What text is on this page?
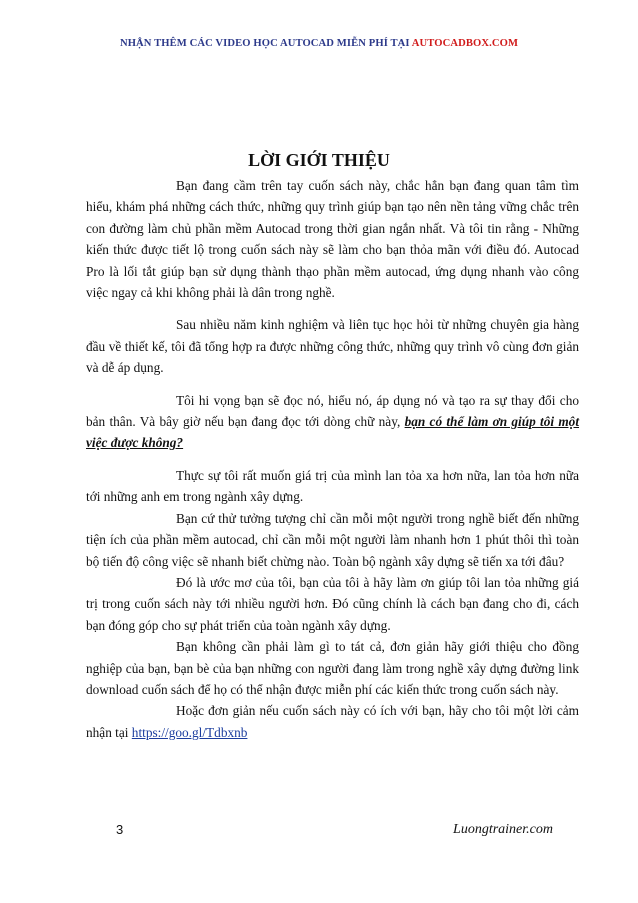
NHẬN THÊM CÁC VIDEO HỌC AUTOCAD MIỄN PHÍ TẠI AUTOCADBOX.COM
LỜI GIỚI THIỆU

Bạn đang cầm trên tay cuốn sách này, chắc hẳn bạn đang quan tâm tìm hiểu, khám phá những cách thức, những quy trình giúp bạn tạo nên nền tảng vững chắc trên con đường làm chủ phần mềm Autocad trong thời gian ngắn nhất. Và tôi tin rằng - Những kiến thức được tiết lộ trong cuốn sách này sẽ làm cho bạn thỏa mãn với điều đó. Autocad Pro là lối tắt giúp bạn sử dụng thành thạo phần mềm autocad, ứng dụng nhanh vào công việc ngay cả khi không phải là dân trong nghề.

Sau nhiều năm kinh nghiệm và liên tục học hỏi từ những chuyên gia hàng đầu về thiết kế, tôi đã tổng hợp ra được những công thức, những quy trình vô cùng đơn giản và dễ áp dụng.

Tôi hi vọng bạn sẽ đọc nó, hiểu nó, áp dụng nó và tạo ra sự thay đổi cho bản thân. Và bây giờ nếu bạn đang đọc tới dòng chữ này, bạn có thể làm ơn giúp tôi một việc được không?

Thực sự tôi rất muốn giá trị của mình lan tỏa xa hơn nữa, lan tỏa hơn nữa tới những anh em trong ngành xây dựng.

Bạn cứ thử tưởng tượng chỉ cần mỗi một người trong nghề biết đến những tiện ích của phần mềm autocad, chỉ cần mỗi một người làm nhanh hơn 1 phút thôi thì toàn bộ tiến độ công việc sẽ nhanh biết chừng nào. Toàn bộ ngành xây dựng sẽ tiến xa tới đâu?

Đó là ước mơ của tôi, bạn của tôi à hãy làm ơn giúp tôi lan tỏa những giá trị trong cuốn sách này tới nhiều người hơn. Đó cũng chính là cách bạn đang cho đi, cách bạn đóng góp cho sự phát triển của toàn ngành xây dựng.

Bạn không cần phải làm gì to tát cả, đơn giản hãy giới thiệu cho đồng nghiệp của bạn, bạn bè của bạn những con người đang làm trong nghề xây dựng đường link download cuốn sách để họ có thể nhận được miễn phí các kiến thức trong cuốn sách này.

Hoặc đơn giản nếu cuốn sách này có ích với bạn, hãy cho tôi một lời cảm nhận tại https://goo.gl/Tdbxnb

3	Luongtrainer.com
